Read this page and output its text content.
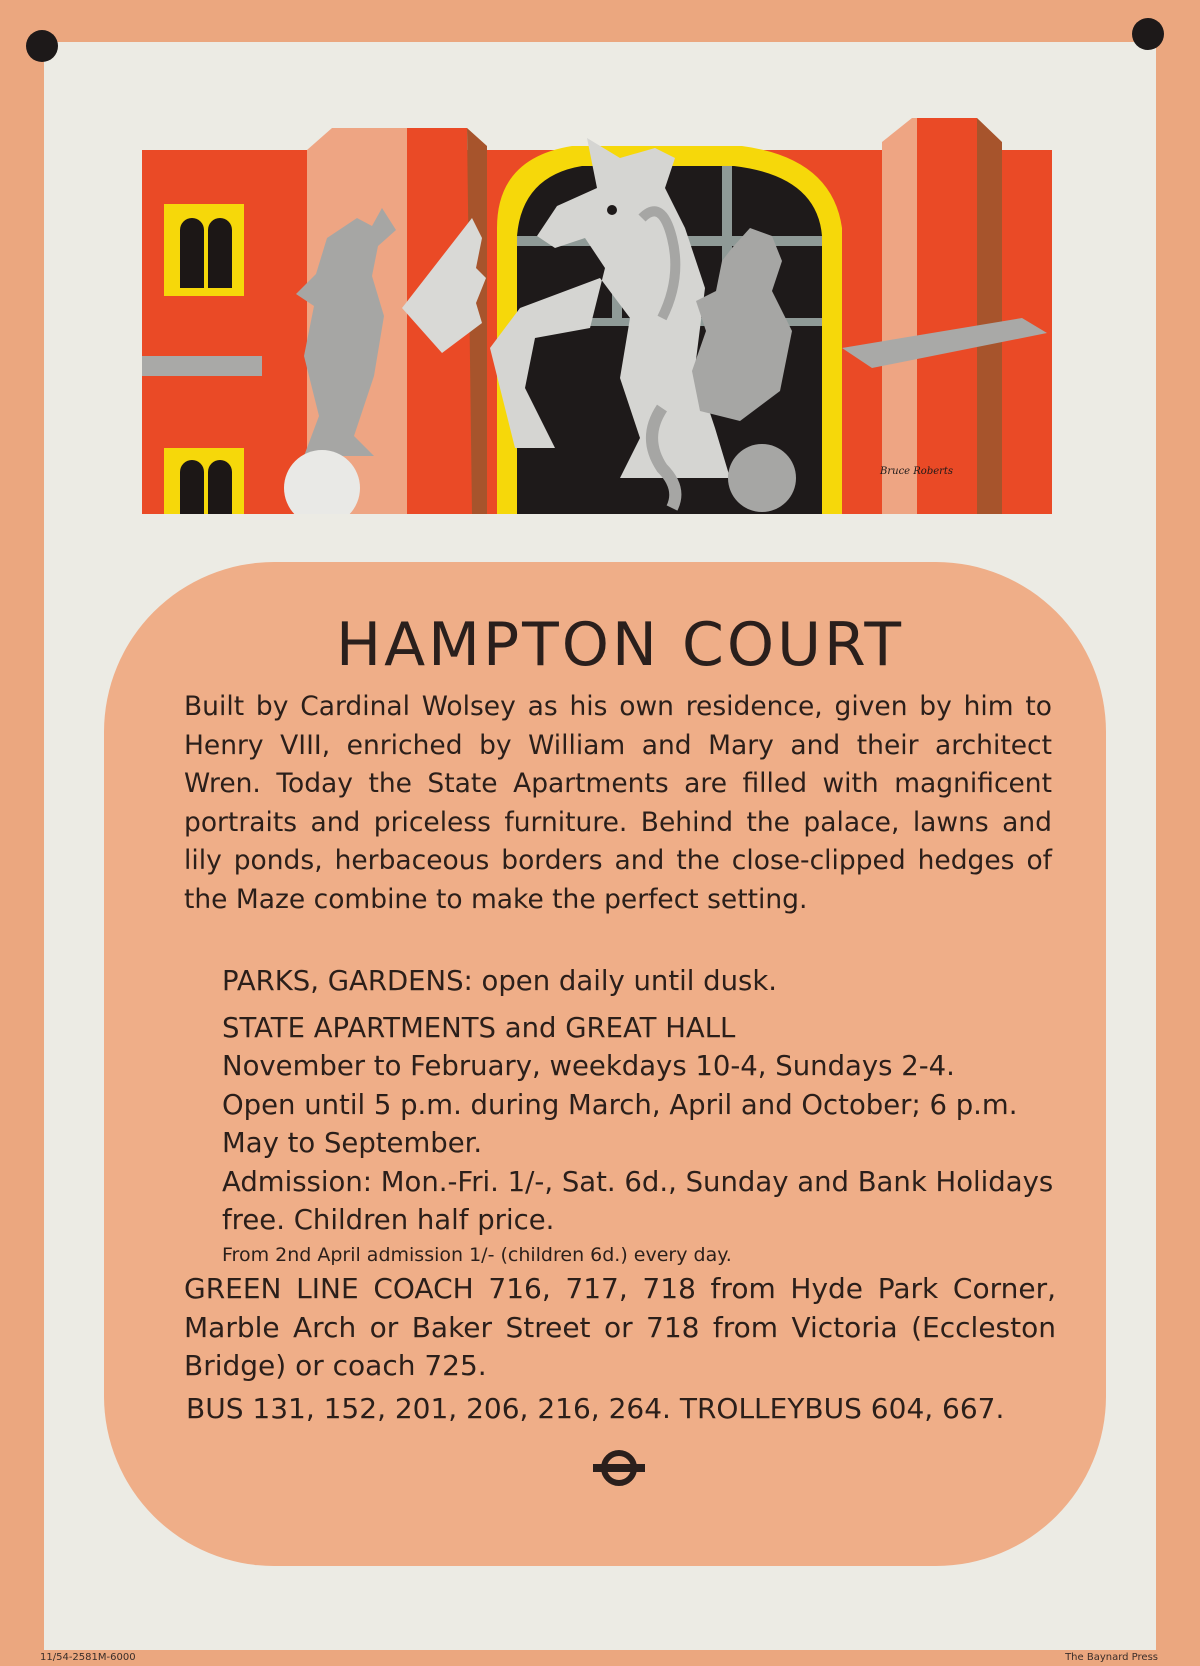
Bruce Roberts
HAMPTON COURT
Built by Cardinal Wolsey as his own residence, given by him to Henry VIII, enriched by William and Mary and their architect Wren. Today the State Apartments are filled with magnificent portraits and priceless furniture. Behind the palace, lawns and lily ponds, herbaceous borders and the close-clipped hedges of the Maze combine to make the perfect setting.

PARKS, GARDENS: open daily until dusk.

STATE APARTMENTS and GREAT HALL

November to February, weekdays 10-4, Sundays 2-4.

Open until 5 p.m. during March, April and October; 6 p.m. May to September.

Admission: Mon.-Fri. 1/-, Sat. 6d., Sunday and Bank Holidays free. Children half price.

From 2nd April admission 1/- (children 6d.) every day.

GREEN LINE COACH 716, 717, 718 from Hyde Park Corner, Marble Arch or Baker Street or 718 from Victoria (Eccleston Bridge) or coach 725.
BUS 131, 152, 201, 206, 216, 264. TROLLEYBUS 604, 667.
11/54-2581M-6000	The Baynard Press
